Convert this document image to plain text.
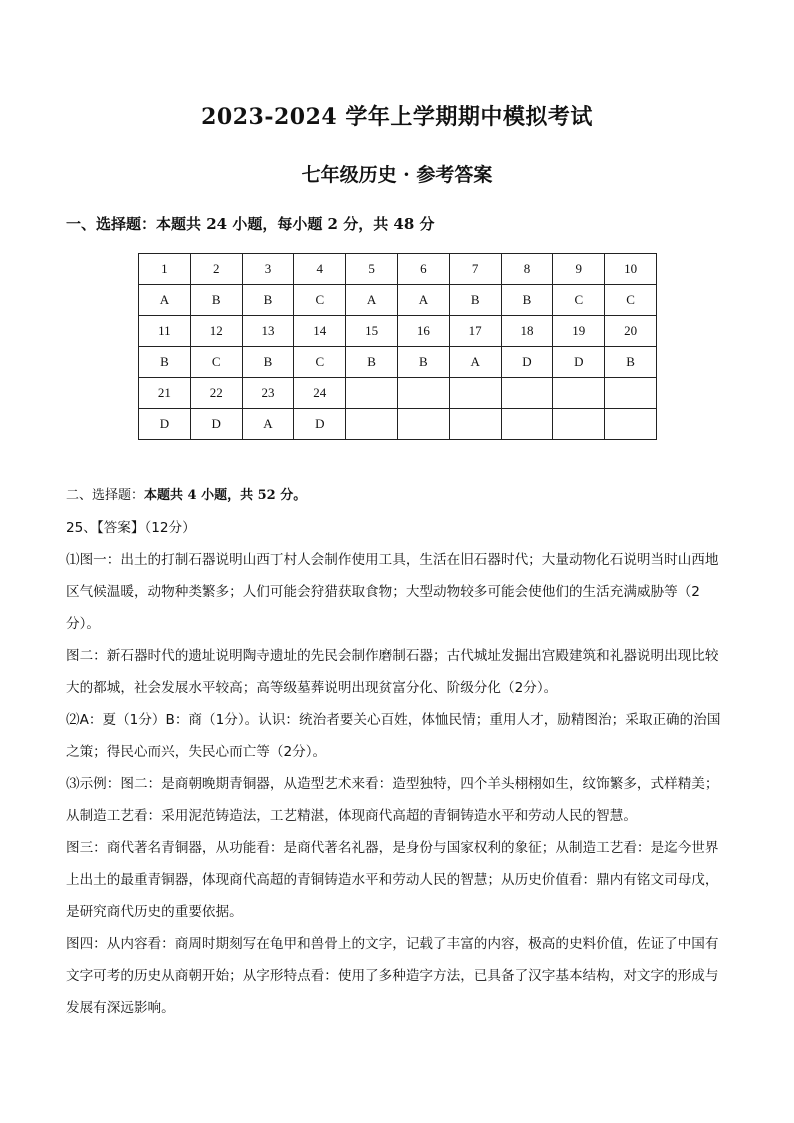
2023-2024 学年上学期期中模拟考试
七年级历史 · 参考答案
一、选择题：本题共 24 小题，每小题 2 分，共 48 分
1	2	3	4	5	6	7	8	9	10
A	B	B	C	A	A	B	B	C	C
11	12	13	14	15	16	17	18	19	20
B	C	B	C	B	B	A	D	D	B
21	22	23	24						
D	D	A	D						
二、选择题：本题共 4 小题，共 52 分。

25、【答案】（12分）

⑴图一：出土的打制石器说明山西丁村人会制作使用工具，生活在旧石器时代；大量动物化石说明当时山西地区气候温暖，动物种类繁多；人们可能会狩猎获取食物；大型动物较多可能会使他们的生活充满威胁等（2分）。

图二：新石器时代的遗址说明陶寺遗址的先民会制作磨制石器；古代城址发掘出宫殿建筑和礼器说明出现比较大的都城，社会发展水平较高；高等级墓葬说明出现贫富分化、阶级分化（2分）。

⑵A：夏（1分）B：商（1分）。认识：统治者要关心百姓，体恤民情；重用人才，励精图治；采取正确的治国之策；得民心而兴，失民心而亡等（2分）。

⑶示例：图二：是商朝晚期青铜器，从造型艺术来看：造型独特，四个羊头栩栩如生，纹饰繁多，式样精美；从制造工艺看：采用泥范铸造法，工艺精湛，体现商代高超的青铜铸造水平和劳动人民的智慧。

图三：商代著名青铜器，从功能看：是商代著名礼器，是身份与国家权利的象征；从制造工艺看：是迄今世界上出土的最重青铜器，体现商代高超的青铜铸造水平和劳动人民的智慧；从历史价值看：鼎内有铭文司母戊，是研究商代历史的重要依据。

图四：从内容看：商周时期刻写在龟甲和兽骨上的文字，记载了丰富的内容，极高的史料价值，佐证了中国有文字可考的历史从商朝开始；从字形特点看：使用了多种造字方法，已具备了汉字基本结构，对文字的形成与发展有深远影响。
